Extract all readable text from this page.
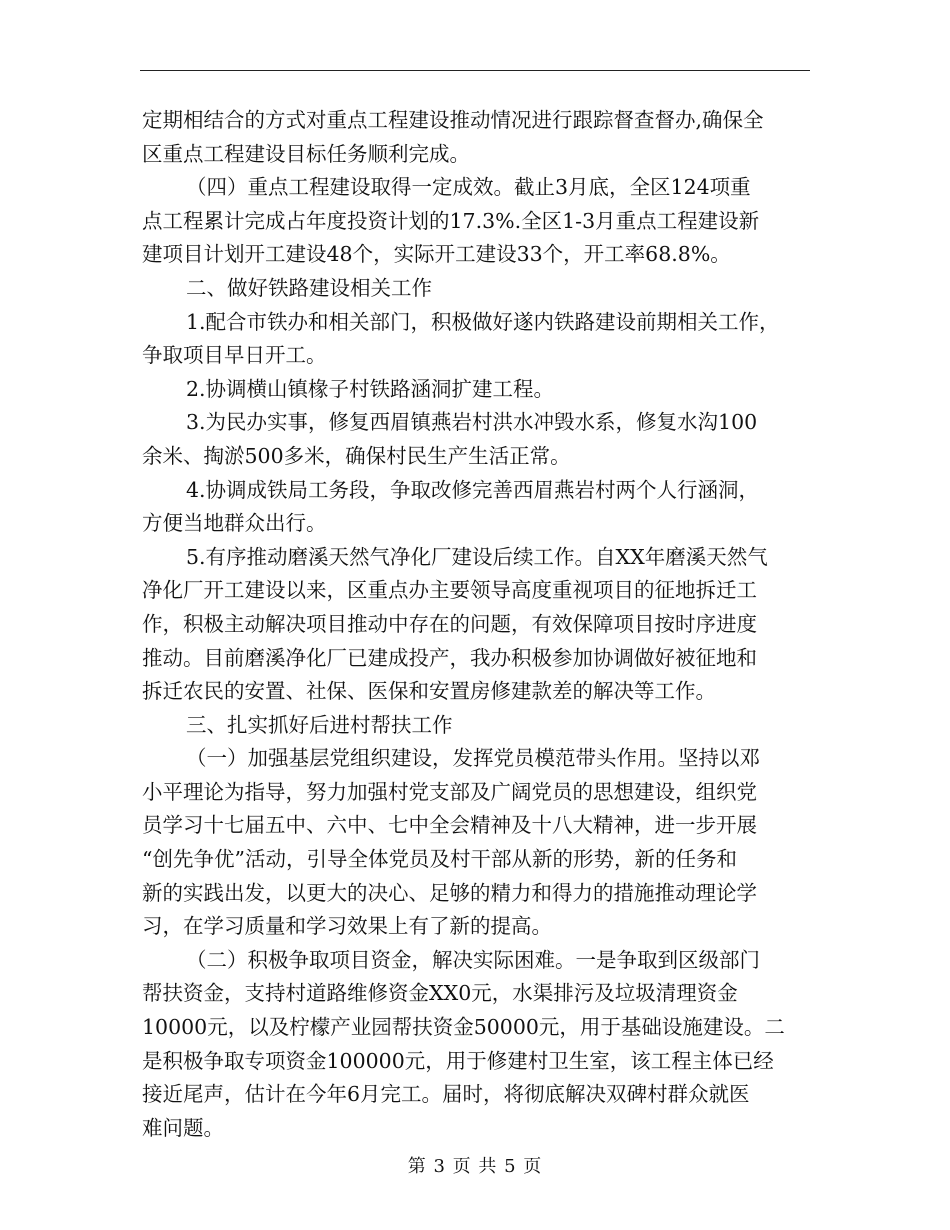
定期相结合的方式对重点工程建设推动情况进行跟踪督查督办,确保全
区重点工程建设目标任务顺利完成。
（四）重点工程建设取得一定成效。截止3月底，全区124项重
点工程累计完成占年度投资计划的17.3%.全区1-3月重点工程建设新
建项目计划开工建设48个，实际开工建设33个，开工率68.8%。
二、做好铁路建设相关工作
1.配合市铁办和相关部门，积极做好遂内铁路建设前期相关工作，
争取项目早日开工。
2.协调横山镇椽子村铁路涵洞扩建工程。
3.为民办实事，修复西眉镇燕岩村洪水冲毁水系，修复水沟100
余米、掏淤500多米，确保村民生产生活正常。
4.协调成铁局工务段，争取改修完善西眉燕岩村两个人行涵洞，
方便当地群众出行。
5.有序推动磨溪天然气净化厂建设后续工作。自XX年磨溪天然气
净化厂开工建设以来，区重点办主要领导高度重视项目的征地拆迁工
作，积极主动解决项目推动中存在的问题，有效保障项目按时序进度
推动。目前磨溪净化厂已建成投产，我办积极参加协调做好被征地和
拆迁农民的安置、社保、医保和安置房修建款差的解决等工作。
三、扎实抓好后进村帮扶工作
（一）加强基层党组织建设，发挥党员模范带头作用。坚持以邓
小平理论为指导，努力加强村党支部及广阔党员的思想建设，组织党
员学习十七届五中、六中、七中全会精神及十八大精神，进一步开展
“创先争优”活动，引导全体党员及村干部从新的形势，新的任务和
新的实践出发，以更大的决心、足够的精力和得力的措施推动理论学
习，在学习质量和学习效果上有了新的提高。
（二）积极争取项目资金，解决实际困难。一是争取到区级部门
帮扶资金，支持村道路维修资金XX0元，水渠排污及垃圾清理资金
10000元，以及柠檬产业园帮扶资金50000元，用于基础设施建设。二
是积极争取专项资金100000元，用于修建村卫生室，该工程主体已经
接近尾声，估计在今年6月完工。届时，将彻底解决双碑村群众就医
难问题。
第 3 页 共 5 页
